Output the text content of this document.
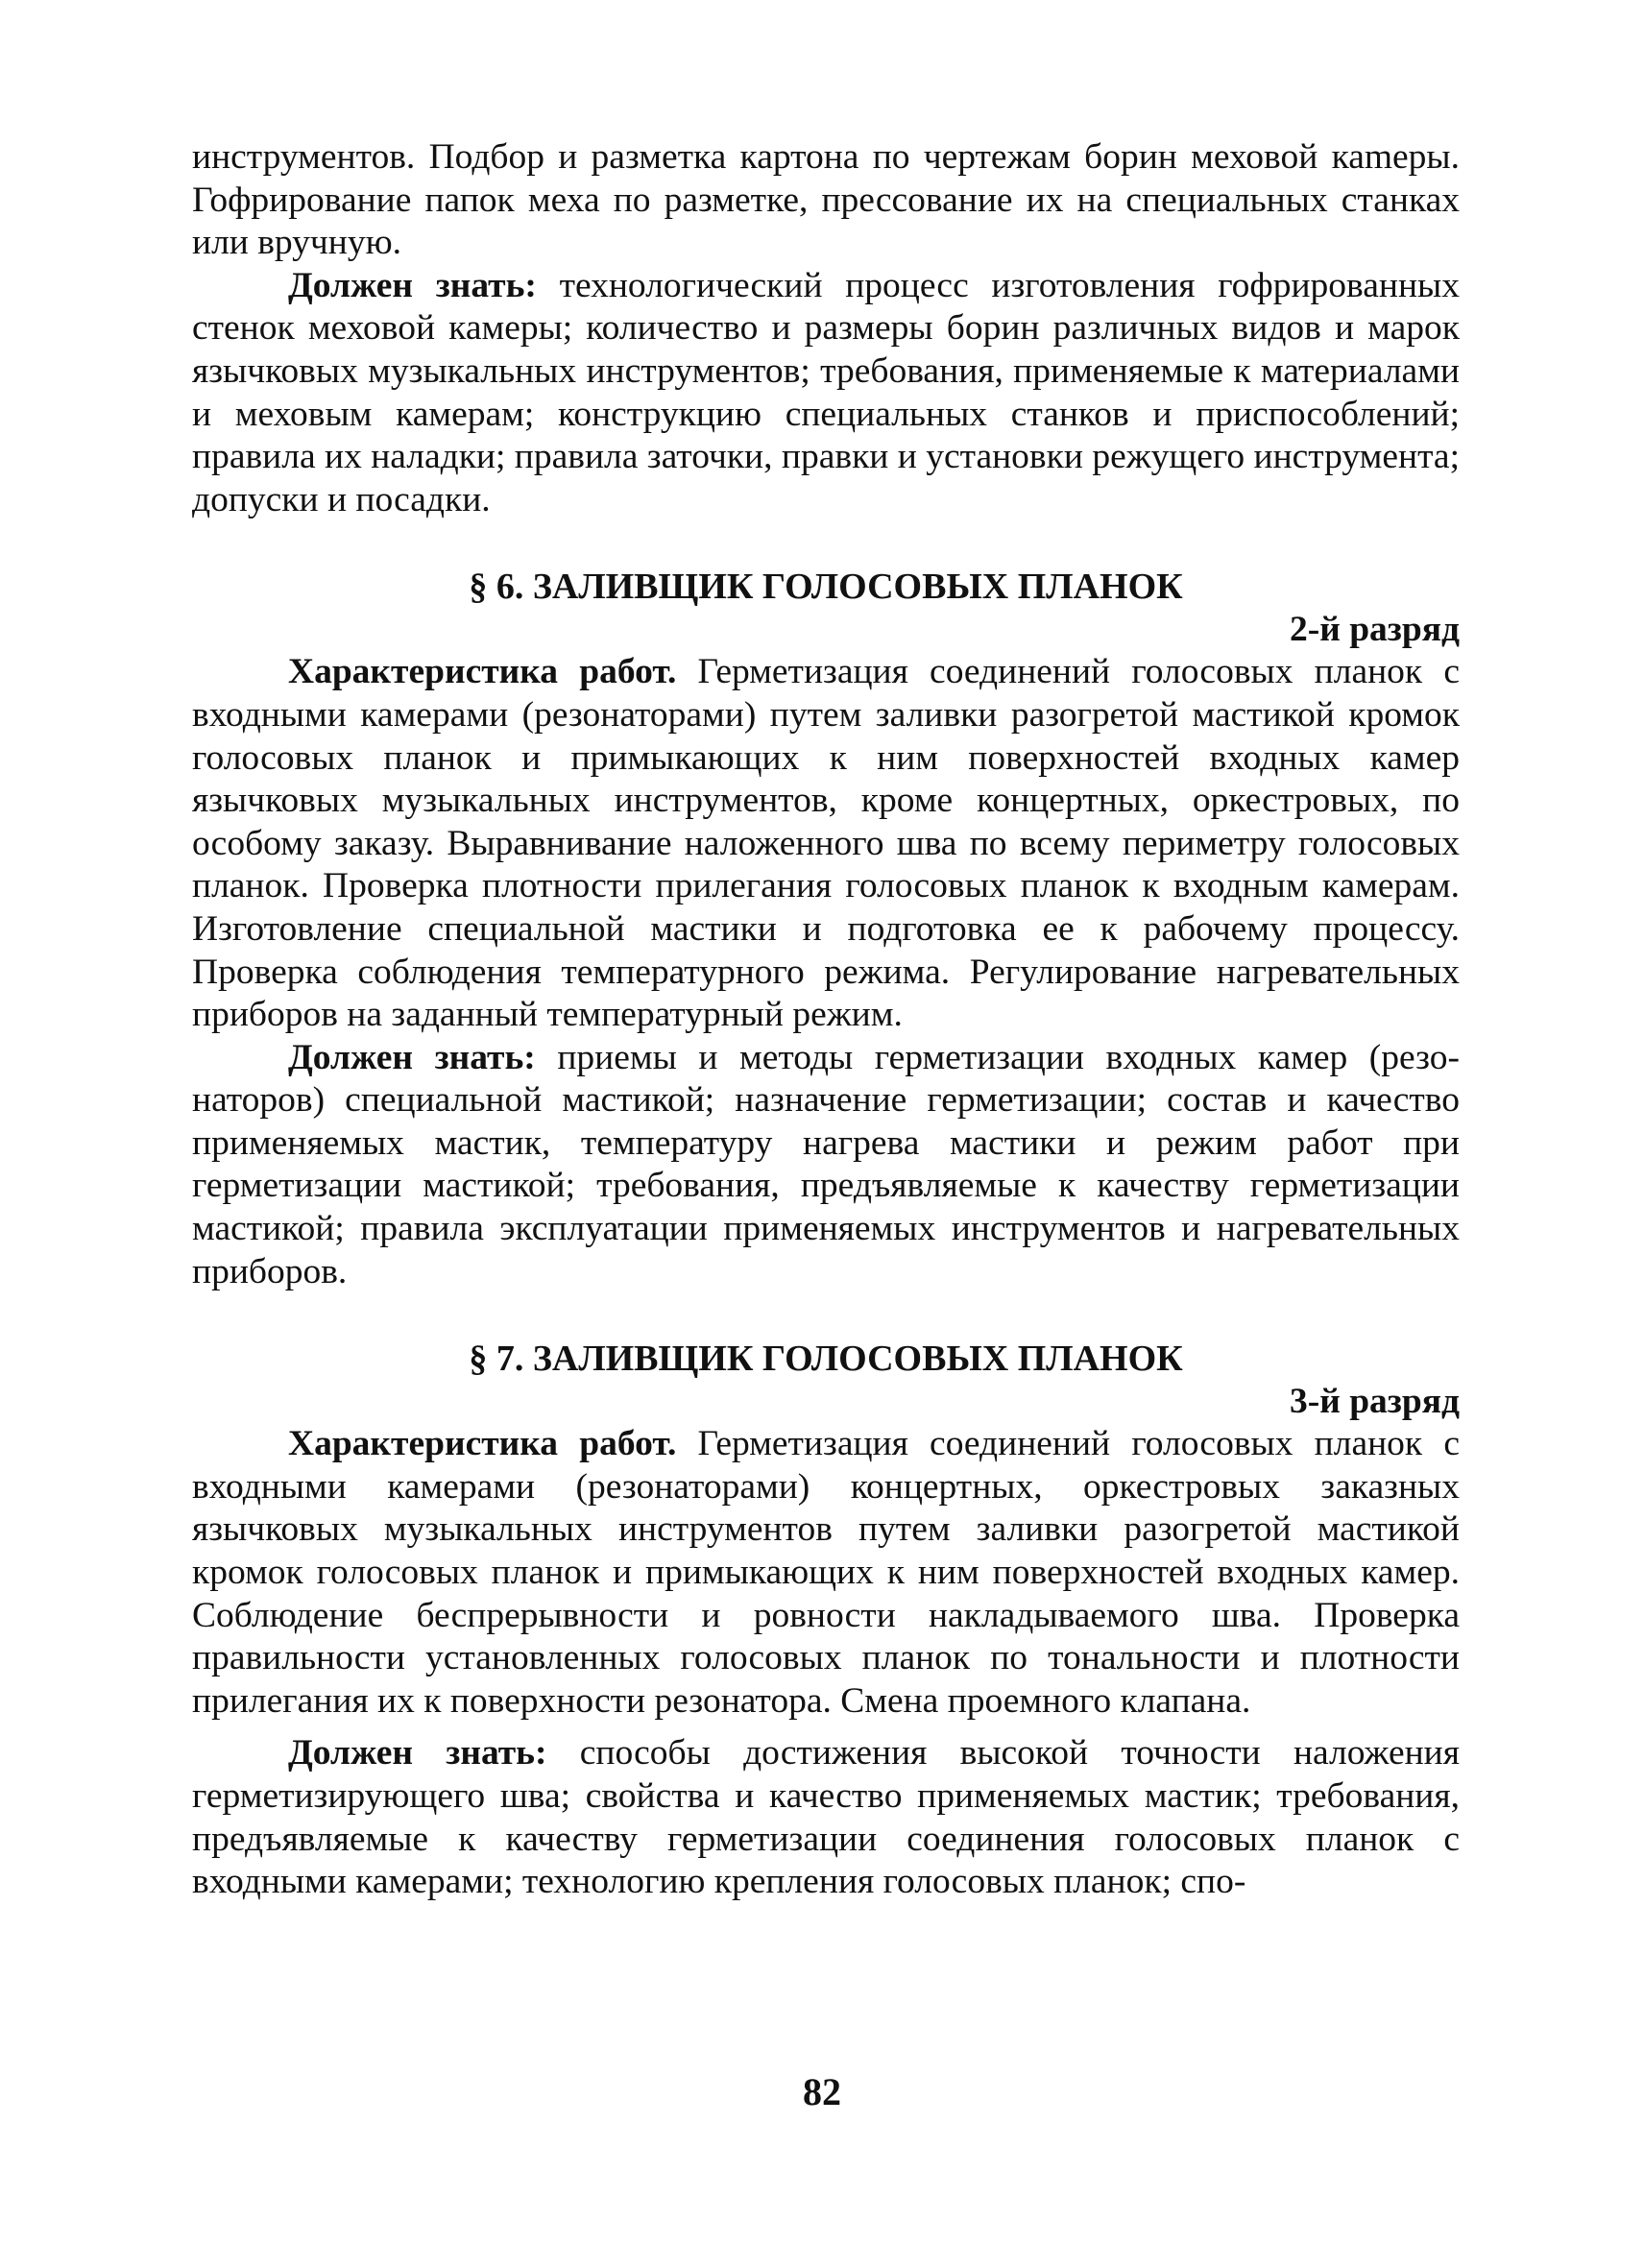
инструментов. Подбор и разметка картона по чертежам борин меховой каmеры. Гофрирование папок меха по разметке, прессование их на специальных станках или вручную.

Должен знать: технологический процесс изготовления гофрированных стенок меховой камеры; количество и размеры борин различных видов и марок язычковых музыкальных инструментов; требования, применяемые к материалами и меховым камерам; конструкцию специальных станков и приспособлений; правила их наладки; правила заточки, правки и установки режущего инструмента; допуски и посадки.

§ 6. ЗАЛИВЩИК ГОЛОСОВЫХ ПЛАНОК

2-й разряд

Характеристика работ. Герметизация соединений голосовых планок с входными камерами (резонаторами) путем заливки разогретой мастикой кромок голосовых планок и примыкающих к ним поверхностей входных камер язычковых музыкальных инструментов, кроме концертных, оркестровых, по особому заказу. Выравнивание наложенного шва по всему периметру голосовых планок. Проверка плотности прилегания голосовых планок к входным камерам. Изготовление специальной мастики и подготовка ее к рабочему процессу. Проверка соблюдения температурного режима. Регулирование нагревательных приборов на заданный температурный режим.

Должен знать: приемы и методы герметизации входных камер (резонаторов) специальной мастикой; назначение герметизации; состав и качество применяемых мастик, температуру нагрева мастики и режим работ при герметизации мастикой; требования, предъявляемые к качеству герметизации мастикой; правила эксплуатации применяемых инструментов и нагревательных приборов.

§ 7. ЗАЛИВЩИК ГОЛОСОВЫХ ПЛАНОК

3-й разряд

Характеристика работ. Герметизация соединений голосовых планок с входными камерами (резонаторами) концертных, оркестровых заказных язычковых музыкальных инструментов путем заливки разогретой мастикой кромок голосовых планок и примыкающих к ним поверхностей входных камер. Соблюдение беспрерывности и ровности накладываемого шва. Проверка правильности установленных голосовых планок по тональности и плотности прилегания их к поверхности резонатора. Смена проемного клапана.

Должен знать: способы достижения высокой точности наложения герметизирующего шва; свойства и качество применяемых мастик; требования, предъявляемые к качеству герметизации соединения голосовых планок с входными камерами; технологию крепления голосовых планок; спо-

82
